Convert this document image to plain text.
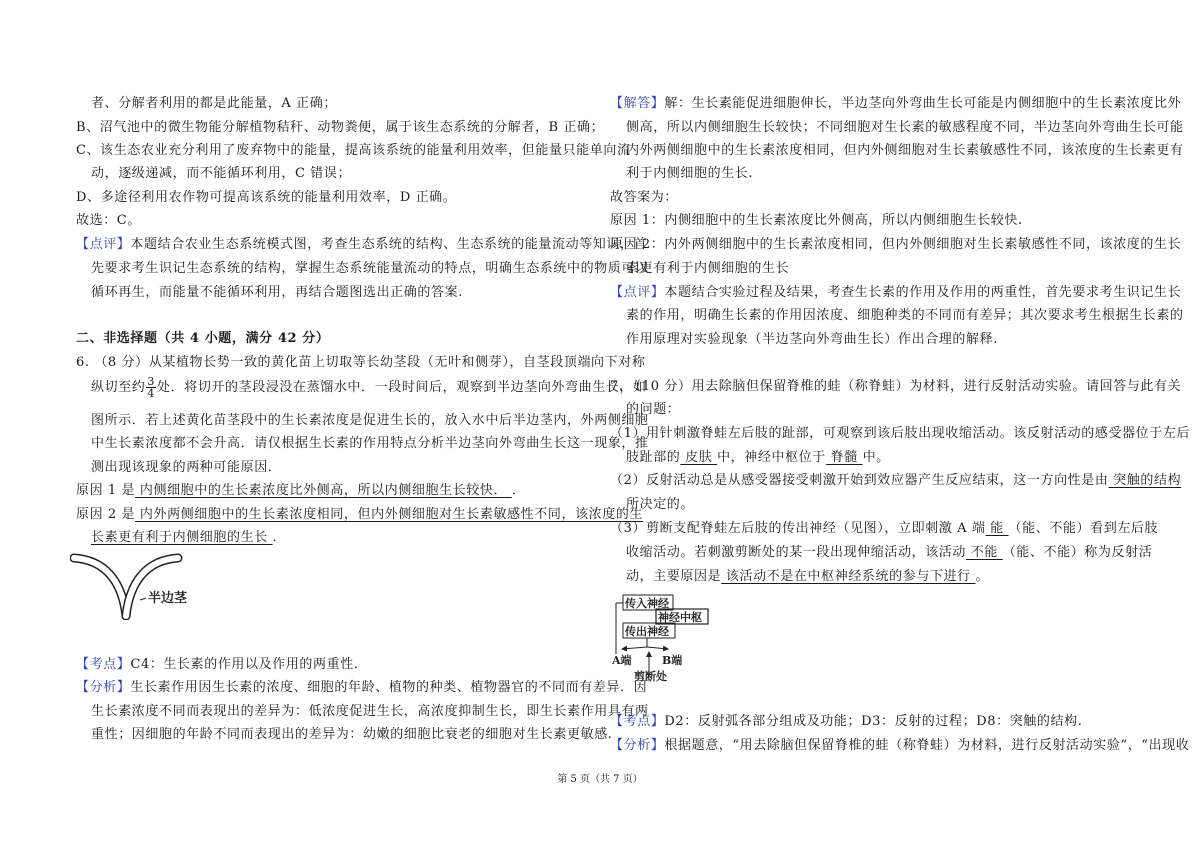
者、分解者利用的都是此能量，A 正确；
B、沼气池中的微生物能分解植物秸秆、动物粪便，属于该生态系统的分解者，B 正确；
C、该生态农业充分利用了废弃物中的能量，提高该系统的能量利用效率，但能量只能单向流
动，逐级递减，而不能循环利用，C 错误；
D、多途径利用农作物可提高该系统的能量利用效率，D 正确。
故选：C。
【点评】本题结合农业生态系统模式图，考查生态系统的结构、生态系统的能量流动等知识，首
先要求考生识记生态系统的结构，掌握生态系统能量流动的特点，明确生态系统中的物质可以
循环再生，而能量不能循环利用，再结合题图选出正确的答案.
二、非选择题（共 4 小题，满分 42 分）
6. （8 分）从某植物长势一致的黄化苗上切取等长幼茎段（无叶和侧芽），自茎段顶端向下对称
纵切至约 $\frac{3}{4}$ 处．将切开的茎段浸没在蒸馏水中．一段时间后，观察到半边茎向外弯曲生长，如
图所示．若上述黄化苗茎段中的生长素浓度是促进生长的，放入水中后半边茎内，外两侧细胞
中生长素浓度都不会升高．请仅根据生长素的作用特点分析半边茎向外弯曲生长这一现象，推
测出现该现象的两种可能原因．
原因 1 是 内侧细胞中的生长素浓度比外侧高，所以内侧细胞生长较快． ．
原因 2 是 内外两侧细胞中的生长素浓度相同，但内外侧细胞对生长素敏感性不同，该浓度的生
长素更有利于内侧细胞的生长 ．
半边茎
【考点】C4：生长素的作用以及作用的两重性．
【分析】生长素作用因生长素的浓度、细胞的年龄、植物的种类、植物器官的不同而有差异．因
生长素浓度不同而表现出的差异为：低浓度促进生长，高浓度抑制生长，即生长素作用具有两
重性；因细胞的年龄不同而表现出的差异为：幼嫩的细胞比衰老的细胞对生长素更敏感.
【解答】解：生长素能促进细胞伸长，半边茎向外弯曲生长可能是内侧细胞中的生长素浓度比外
侧高，所以内侧细胞生长较快；不同细胞对生长素的敏感程度不同，半边茎向外弯曲生长可能
内外两侧细胞中的生长素浓度相同，但内外侧细胞对生长素敏感性不同，该浓度的生长素更有
利于内侧细胞的生长.
故答案为：
原因 1：内侧细胞中的生长素浓度比外侧高，所以内侧细胞生长较快.
原因 2：内外两侧细胞中的生长素浓度相同，但内外侧细胞对生长素敏感性不同，该浓度的生长
素更有利于内侧细胞的生长
【点评】本题结合实验过程及结果，考查生长素的作用及作用的两重性，首先要求考生识记生长
素的作用，明确生长素的作用因浓度、细胞种类的不同而有差异；其次要求考生根据生长素的
作用原理对实验现象（半边茎向外弯曲生长）作出合理的解释.
7. （10 分）用去除脑但保留脊椎的蛙（称脊蛙）为材料，进行反射活动实验。请回答与此有关
的问题：
（1）用针刺激脊蛙左后肢的趾部，可观察到该后肢出现收缩活动。该反射活动的感受器位于左后
肢趾部的 皮肤 中，神经中枢位于 脊髓 中。
（2）反射活动总是从感受器接受刺激开始到效应器产生反应结束，这一方向性是由 突触的结构
所决定的。
（3）剪断支配脊蛙左后肢的传出神经（见图），立即刺激 A 端 能 （能、不能）看到左后肢
收缩活动。若刺激剪断处的某一段出现伸缩活动，该活动 不能 （能、不能）称为反射活
动，主要原因是 该活动不是在中枢神经系统的参与下进行 。
传入神经
神经中枢
传出神经
A端	B端
剪断处
【考点】D2：反射弧各部分组成及功能；D3：反射的过程；D8：突触的结构.
【分析】根据题意，“用去除脑但保留脊椎的蛙（称脊蛙）为材料，进行反射活动实验”，“出现收
第 5 页（共 7 页）
